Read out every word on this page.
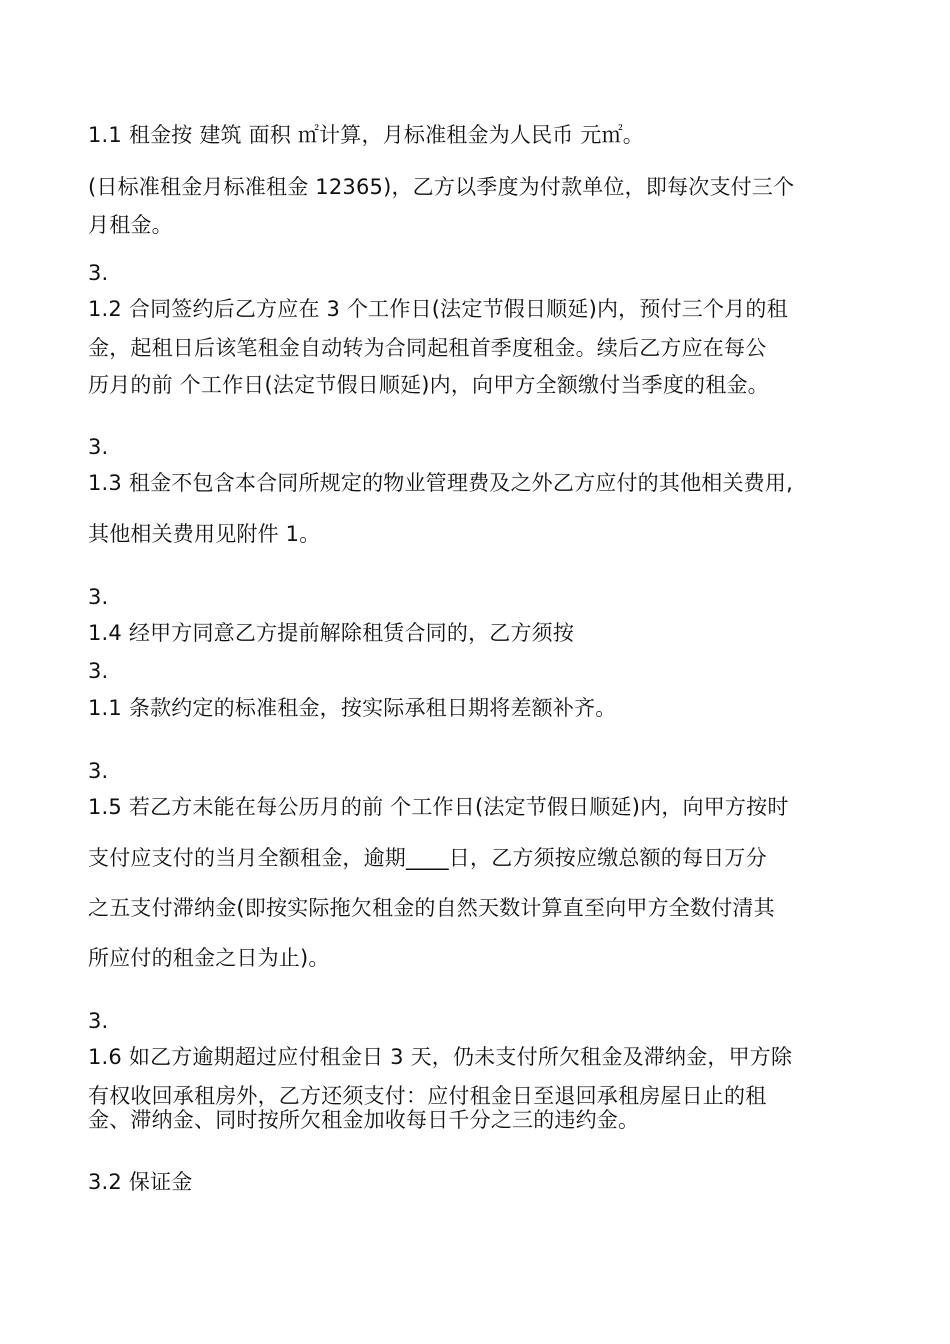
1.1 租金按 建筑 面积 ㎡计算，月标准租金为人民币 元㎡。
(日标准租金月标准租金 12365)，乙方以季度为付款单位，即每次支付三个
月租金。
3.
1.2 合同签约后乙方应在 3 个工作日(法定节假日顺延)内，预付三个月的租
金，起租日后该笔租金自动转为合同起租首季度租金。续后乙方应在每公
历月的前 个工作日(法定节假日顺延)内，向甲方全额缴付当季度的租金。
3.
1.3 租金不包含本合同所规定的物业管理费及之外乙方应付的其他相关费用,
其他相关费用见附件 1。
3.
1.4 经甲方同意乙方提前解除租赁合同的，乙方须按
3.
1.1 条款约定的标准租金，按实际承租日期将差额补齐。
3.
1.5 若乙方未能在每公历月的前 个工作日(法定节假日顺延)内，向甲方按时
支付应支付的当月全额租金，逾期____日，乙方须按应缴总额的每日万分
之五支付滞纳金(即按实际拖欠租金的自然天数计算直至向甲方全数付清其
所应付的租金之日为止)。
3.
1.6 如乙方逾期超过应付租金日 3 天，仍未支付所欠租金及滞纳金，甲方除
有权收回承租房外，乙方还须支付：应付租金日至退回承租房屋日止的租
金、滞纳金、同时按所欠租金加收每日千分之三的违约金。
3.2 保证金
